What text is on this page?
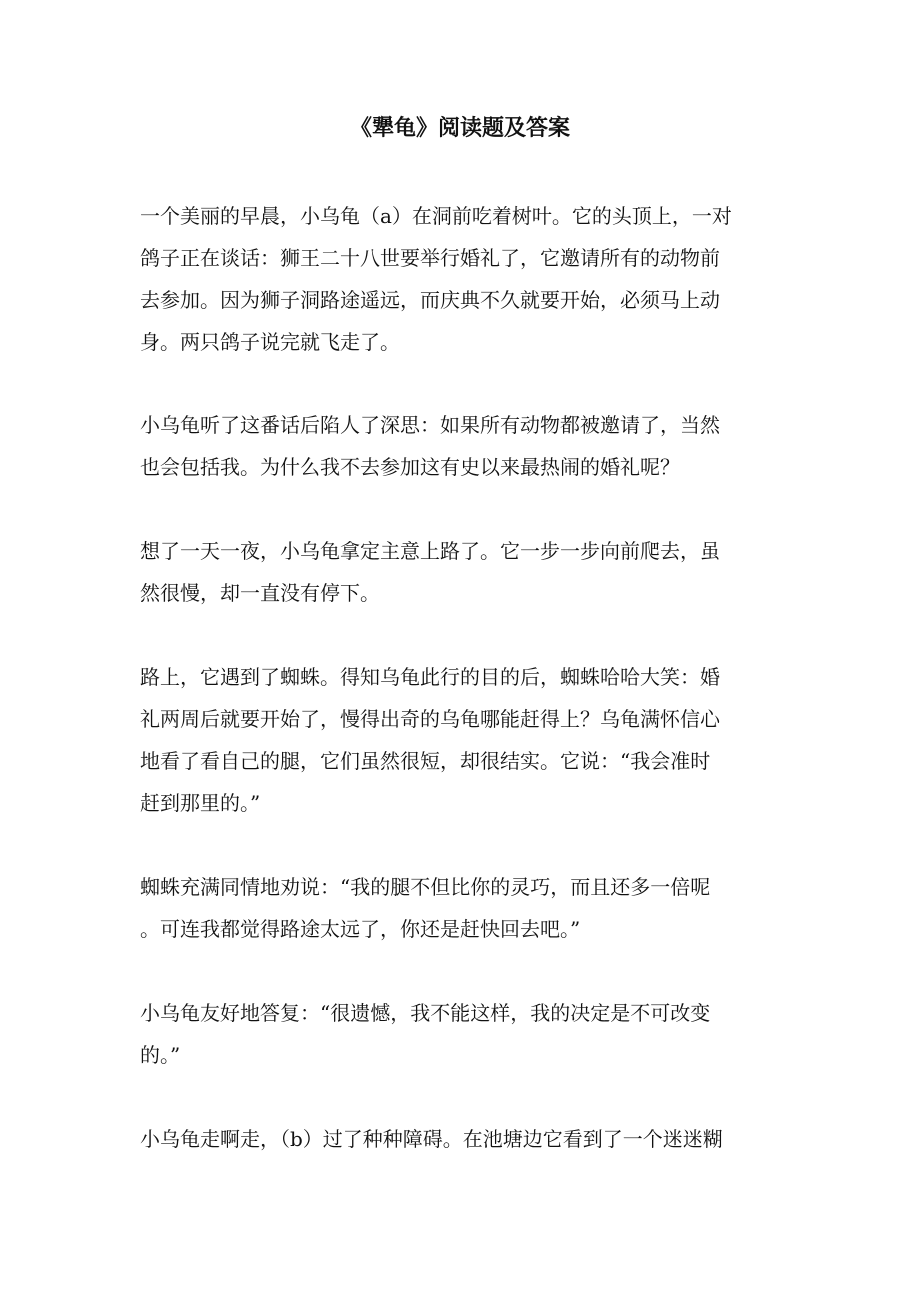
《犟龟》阅读题及答案
一个美丽的早晨，小乌龟（a）在洞前吃着树叶。它的头顶上，一对
鸽子正在谈话：狮王二十八世要举行婚礼了，它邀请所有的动物前
去参加。因为狮子洞路途遥远，而庆典不久就要开始，必须马上动
身。两只鸽子说完就飞走了。
小乌龟听了这番话后陷人了深思：如果所有动物都被邀请了，当然
也会包括我。为什么我不去参加这有史以来最热闹的婚礼呢？
想了一天一夜，小乌龟拿定主意上路了。它一步一步向前爬去，虽
然很慢，却一直没有停下。
路上，它遇到了蜘蛛。得知乌龟此行的目的后，蜘蛛哈哈大笑：婚
礼两周后就要开始了，慢得出奇的乌龟哪能赶得上？乌龟满怀信心
地看了看自己的腿，它们虽然很短，却很结实。它说：“我会准时
赶到那里的。”
蜘蛛充满同情地劝说：“我的腿不但比你的灵巧，而且还多一倍呢
。可连我都觉得路途太远了，你还是赶快回去吧。”
小乌龟友好地答复：“很遗憾，我不能这样，我的决定是不可改变
的。”
小乌龟走啊走，（b）过了种种障碍。在池塘边它看到了一个迷迷糊
